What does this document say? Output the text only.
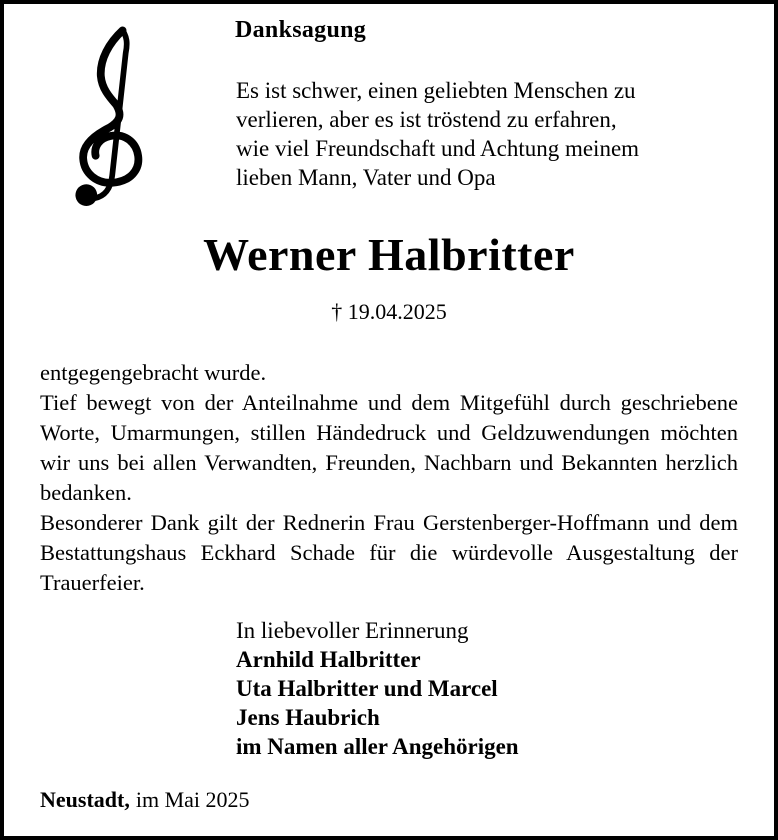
Danksagung
Es ist schwer, einen geliebten Menschen zu
verlieren, aber es ist tröstend zu erfahren,
wie viel Freundschaft und Achtung meinem
lieben Mann, Vater und Opa
Werner Halbritter
† 19.04.2025

entgegengebracht wurde.

Tief bewegt von der Anteilnahme und dem Mitgefühl durch geschriebene Worte, Umarmungen, stillen Händedruck und Geldzuwendungen möchten wir uns bei allen Verwandten, Freunden, Nachbarn und Bekannten herzlich bedanken.

Besonderer Dank gilt der Rednerin Frau Gerstenberger-Hoffmann und dem Bestattungshaus Eckhard Schade für die würdevolle Ausgestaltung der Trauerfeier.

In liebevoller Erinnerung
Arnhild Halbritter
Uta Halbritter und Marcel
Jens Haubrich
im Namen aller Angehörigen
Neustadt, im Mai 2025
